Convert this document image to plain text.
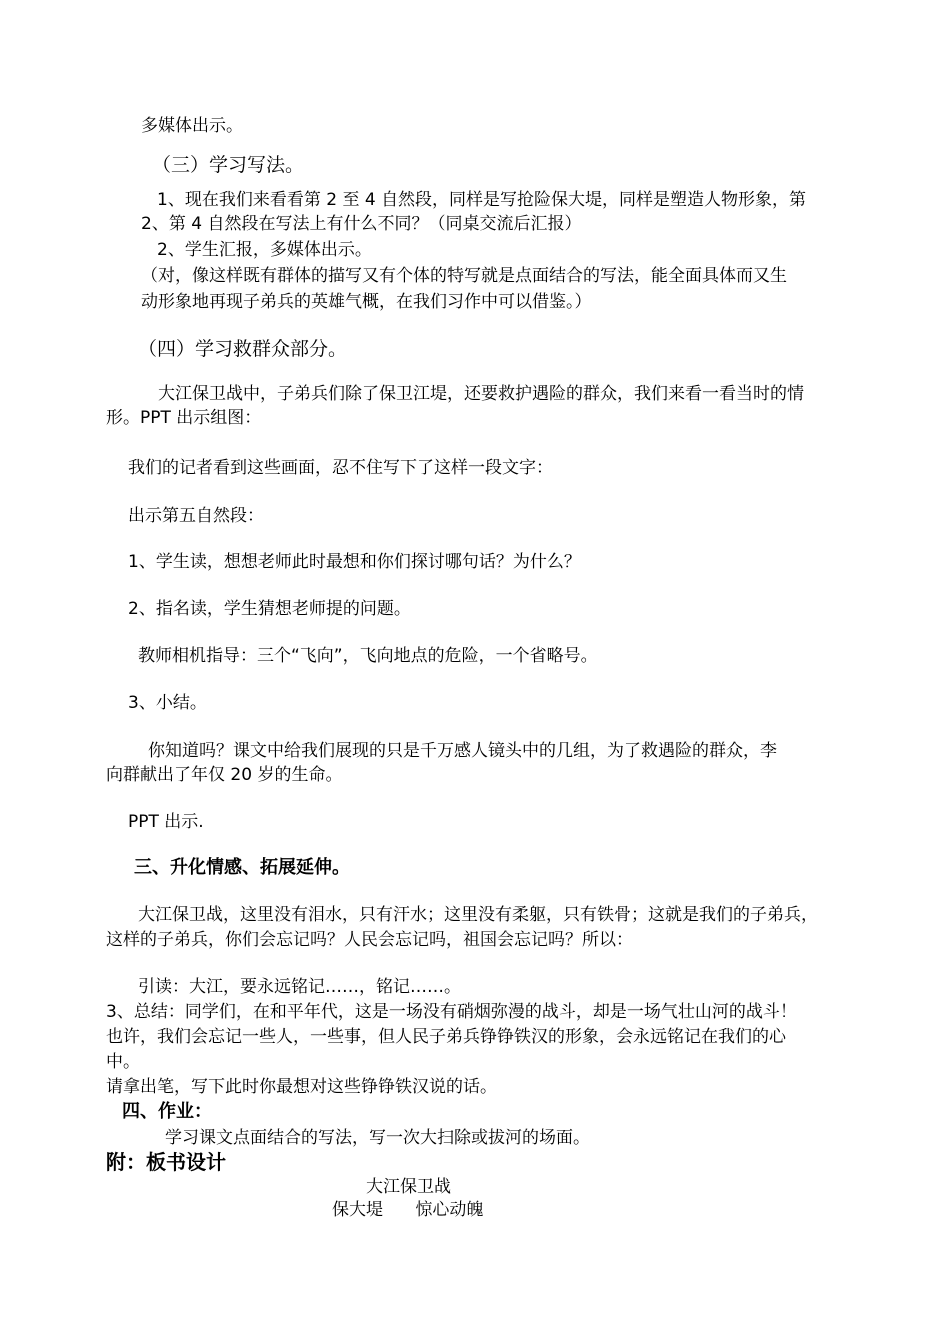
多媒体出示。
（三）学习写法。
1、现在我们来看看第 2 至 4 自然段，同样是写抢险保大堤，同样是塑造人物形象，第
2、第 4 自然段在写法上有什么不同？（同桌交流后汇报）
2、学生汇报，多媒体出示。
（对，像这样既有群体的描写又有个体的特写就是点面结合的写法，能全面具体而又生
动形象地再现子弟兵的英雄气概，在我们习作中可以借鉴。）
（四）学习救群众部分。
大江保卫战中，子弟兵们除了保卫江堤，还要救护遇险的群众，我们来看一看当时的情
形。PPT 出示组图：
我们的记者看到这些画面，忍不住写下了这样一段文字：
出示第五自然段：
1、学生读，想想老师此时最想和你们探讨哪句话？为什么？
2、指名读，学生猜想老师提的问题。
教师相机指导：三个“飞向”，飞向地点的危险，一个省略号。
3、小结。
你知道吗？课文中给我们展现的只是千万感人镜头中的几组，为了救遇险的群众，李
向群献出了年仅 20 岁的生命。
PPT 出示.
三、升化情感、拓展延伸。
大江保卫战，这里没有泪水，只有汗水；这里没有柔躯，只有铁骨；这就是我们的子弟兵，
这样的子弟兵，你们会忘记吗？人民会忘记吗，祖国会忘记吗？所以：
引读：大江，要永远铭记……，铭记……。
3、总结：同学们，在和平年代，这是一场没有硝烟弥漫的战斗，却是一场气壮山河的战斗！
也许，我们会忘记一些人，一些事，但人民子弟兵铮铮铁汉的形象，会永远铭记在我们的心
中。
请拿出笔，写下此时你最想对这些铮铮铁汉说的话。
四、作业：
学习课文点面结合的写法，写一次大扫除或拔河的场面。
附：板书设计
大江保卫战
保大堤      惊心动魄
